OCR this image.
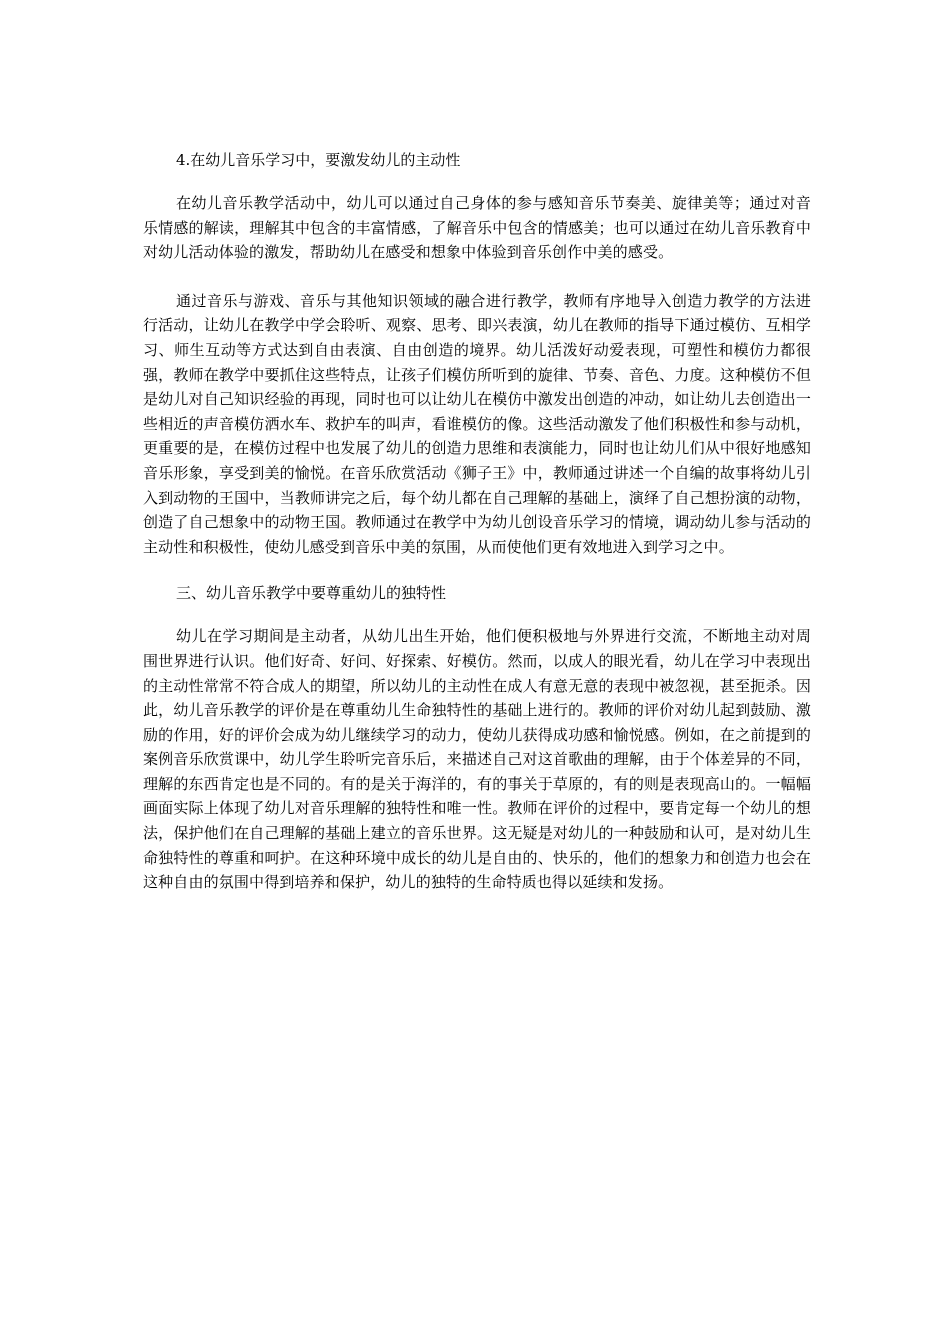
4.在幼儿音乐学习中，要激发幼儿的主动性

在幼儿音乐教学活动中，幼儿可以通过自己身体的参与感知音乐节奏美、旋律美等；通过对音乐情感的解读，理解其中包含的丰富情感，了解音乐中包含的情感美；也可以通过在幼儿音乐教育中对幼儿活动体验的激发，帮助幼儿在感受和想象中体验到音乐创作中美的感受。

通过音乐与游戏、音乐与其他知识领域的融合进行教学，教师有序地导入创造力教学的方法进行活动，让幼儿在教学中学会聆听、观察、思考、即兴表演，幼儿在教师的指导下通过模仿、互相学习、师生互动等方式达到自由表演、自由创造的境界。幼儿活泼好动爱表现，可塑性和模仿力都很强，教师在教学中要抓住这些特点，让孩子们模仿所听到的旋律、节奏、音色、力度。这种模仿不但是幼儿对自己知识经验的再现，同时也可以让幼儿在模仿中激发出创造的冲动，如让幼儿去创造出一些相近的声音模仿洒水车、救护车的叫声，看谁模仿的像。这些活动激发了他们积极性和参与动机，更重要的是，在模仿过程中也发展了幼儿的创造力思维和表演能力，同时也让幼儿们从中很好地感知音乐形象，享受到美的愉悦。在音乐欣赏活动《狮子王》中，教师通过讲述一个自编的故事将幼儿引入到动物的王国中，当教师讲完之后，每个幼儿都在自己理解的基础上，演绎了自己想扮演的动物，创造了自己想象中的动物王国。教师通过在教学中为幼儿创设音乐学习的情境，调动幼儿参与活动的主动性和积极性，使幼儿感受到音乐中美的氛围，从而使他们更有效地进入到学习之中。

三、幼儿音乐教学中要尊重幼儿的独特性

幼儿在学习期间是主动者，从幼儿出生开始，他们便积极地与外界进行交流，不断地主动对周围世界进行认识。他们好奇、好问、好探索、好模仿。然而，以成人的眼光看，幼儿在学习中表现出的主动性常常不符合成人的期望，所以幼儿的主动性在成人有意无意的表现中被忽视，甚至扼杀。因此，幼儿音乐教学的评价是在尊重幼儿生命独特性的基础上进行的。教师的评价对幼儿起到鼓励、激励的作用，好的评价会成为幼儿继续学习的动力，使幼儿获得成功感和愉悦感。例如，在之前提到的案例音乐欣赏课中，幼儿学生聆听完音乐后，来描述自己对这首歌曲的理解，由于个体差异的不同，理解的东西肯定也是不同的。有的是关于海洋的，有的事关于草原的，有的则是表现高山的。一幅幅画面实际上体现了幼儿对音乐理解的独特性和唯一性。教师在评价的过程中，要肯定每一个幼儿的想法，保护他们在自己理解的基础上建立的音乐世界。这无疑是对幼儿的一种鼓励和认可，是对幼儿生命独特性的尊重和呵护。在这种环境中成长的幼儿是自由的、快乐的，他们的想象力和创造力也会在这种自由的氛围中得到培养和保护，幼儿的独特的生命特质也得以延续和发扬。
